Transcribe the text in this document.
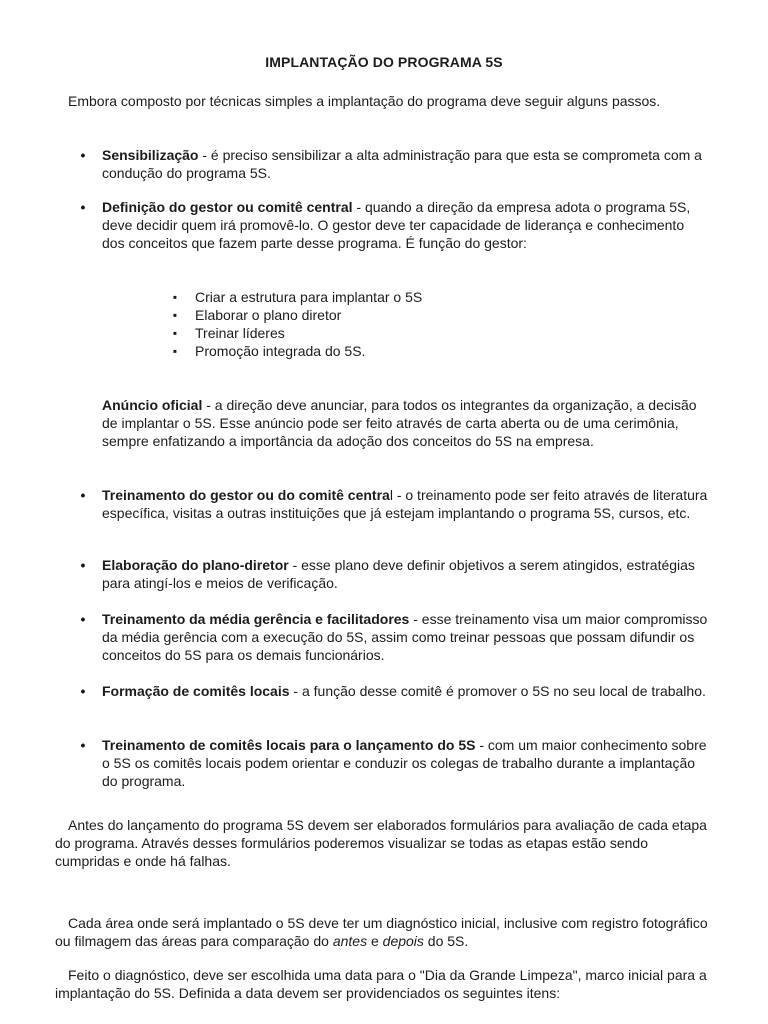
IMPLANTAÇÃO DO PROGRAMA 5S
Embora composto por técnicas simples a implantação do programa deve seguir alguns passos.
• Sensibilização - é preciso sensibilizar a alta administração para que esta se comprometa com a condução do programa 5S.
• Definição do gestor ou comitê central - quando a direção da empresa adota o programa 5S, deve decidir quem irá promovê-lo. O gestor deve ter capacidade de liderança e conhecimento dos conceitos que fazem parte desse programa. É função do gestor:
▪ Criar a estrutura para implantar o 5S
▪ Elaborar o plano diretor
▪ Treinar líderes
▪ Promoção integrada do 5S.
Anúncio oficial - a direção deve anunciar, para todos os integrantes da organização, a decisão de implantar o 5S. Esse anúncio pode ser feito através de carta aberta ou de uma cerimônia, sempre enfatizando a importância da adoção dos conceitos do 5S na empresa.
• Treinamento do gestor ou do comitê central - o treinamento pode ser feito através de literatura específica, visitas a outras instituições que já estejam implantando o programa 5S, cursos, etc.
• Elaboração do plano-diretor - esse plano deve definir objetivos a serem atingidos, estratégias para atingí-los e meios de verificação.
• Treinamento da média gerência e facilitadores - esse treinamento visa um maior compromisso da média gerência com a execução do 5S, assim como treinar pessoas que possam difundir os conceitos do 5S para os demais funcionários.
• Formação de comitês locais - a função desse comitê é promover o 5S no seu local de trabalho.
• Treinamento de comitês locais para o lançamento do 5S - com um maior conhecimento sobre o 5S os comitês locais podem orientar e conduzir os colegas de trabalho durante a implantação do programa.
Antes do lançamento do programa 5S devem ser elaborados formulários para avaliação de cada etapa do programa. Através desses formulários poderemos visualizar se todas as etapas estão sendo cumpridas e onde há falhas.
Cada área onde será implantado o 5S deve ter um diagnóstico inicial, inclusive com registro fotográfico ou filmagem das áreas para comparação do antes e depois do 5S.
Feito o diagnóstico, deve ser escolhida uma data para o "Dia da Grande Limpeza", marco inicial para a implantação do 5S. Definida a data devem ser providenciados os seguintes itens:
